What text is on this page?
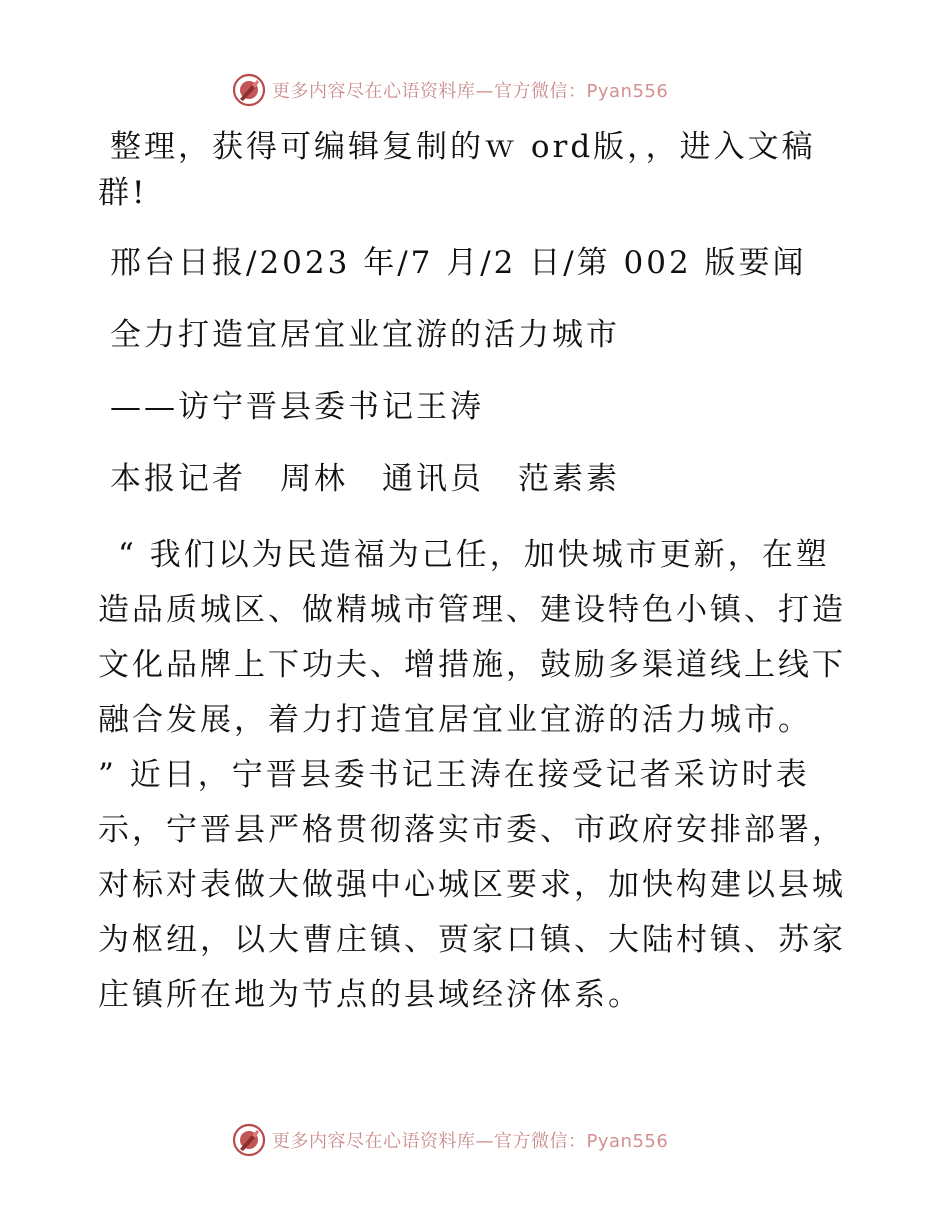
更多内容尽在心语资料库—官方微信：Pyan556
整理，获得可编辑复制的ｗ ord版，，进入文稿
群!
邢台日报/2023 年/7 月/2 日/第 002 版要闻
全力打造宜居宜业宜游的活力城市
——访宁晋县委书记王涛
本报记者　周林　通讯员　范素素
“ 我们以为民造福为己任，加快城市更新，在塑
造品质城区、做精城市管理、建设特色小镇、打造
文化品牌上下功夫、增措施，鼓励多渠道线上线下
融合发展，着力打造宜居宜业宜游的活力城市。
” 近日，宁晋县委书记王涛在接受记者采访时表
示，宁晋县严格贯彻落实市委、市政府安排部署，
对标对表做大做强中心城区要求，加快构建以县城
为枢纽，以大曹庄镇、贾家口镇、大陆村镇、苏家
庄镇所在地为节点的县域经济体系。
更多内容尽在心语资料库—官方微信：Pyan556
